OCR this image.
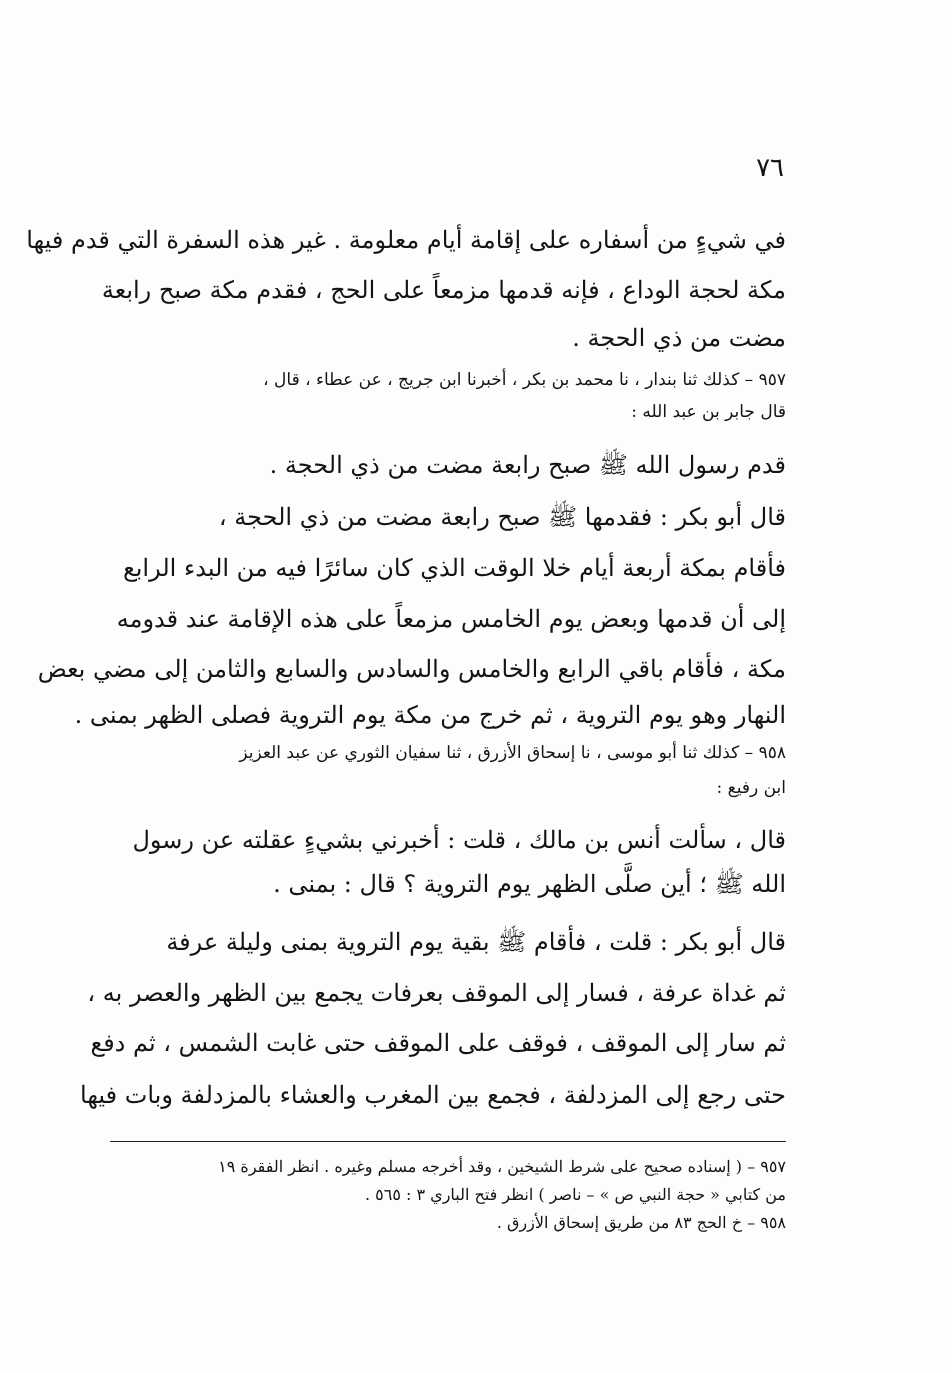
٧٦
في شيءٍ من أسفاره على إقامة أيام معلومة . غير هذه السفرة التي قدم فيها
مكة لحجة الوداع ، فإنه قدمها مزمعاً على الحج ، فقدم مكة صبح رابعة
مضت من ذي الحجة .
٩٥٧ – كذلك ثنا بندار ، نا محمد بن بكر ، أخبرنا ابن جريج ، عن عطاء ، قال ،
قال جابر بن عبد الله :
قدم رسول الله ﷺ صبح رابعة مضت من ذي الحجة .
قال أبو بكر : فقدمها ﷺ صبح رابعة مضت من ذي الحجة ،
فأقام بمكة أربعة أيام خلا الوقت الذي كان سائرًا فيه من البدء الرابع
إلى أن قدمها وبعض يوم الخامس مزمعاً على هذه الإقامة عند قدومه
مكة ، فأقام باقي الرابع والخامس والسادس والسابع والثامن إلى مضي بعض
النهار وهو يوم التروية ، ثم خرج من مكة يوم التروية فصلى الظهر بمنى .
٩٥٨ – كذلك ثنا أبو موسى ، نا إسحاق الأزرق ، ثنا سفيان الثوري عن عبد العزيز
ابن رفيع :
قال ، سألت أنس بن مالك ، قلت : أخبرني بشيءٍ عقلته عن رسول
الله ﷺ ؛ أين صلَّى الظهر يوم التروية ؟ قال : بمنى .
قال أبو بكر : قلت ، فأقام ﷺ بقية يوم التروية بمنى وليلة عرفة
ثم غداة عرفة ، فسار إلى الموقف بعرفات يجمع بين الظهر والعصر به ،
ثم سار إلى الموقف ، فوقف على الموقف حتى غابت الشمس ، ثم دفع
حتى رجع إلى المزدلفة ، فجمع بين المغرب والعشاء بالمزدلفة وبات فيها
٩٥٧ – ( إسناده صحيح على شرط الشيخين ، وقد أخرجه مسلم وغيره . انظر الفقرة ١٩
من كتابي « حجة النبي ص » – ناصر ) انظر فتح الباري ٣ : ٥٦٥ .
٩٥٨ – خ الحج ٨٣ من طريق إسحاق الأزرق .
